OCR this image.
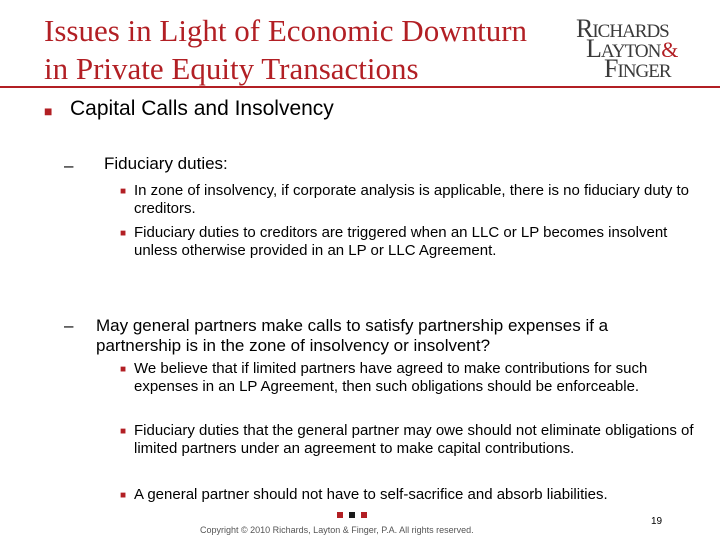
Issues in Light of Economic Downturn
in Private Equity Transactions
RICHARDS
LAYTON&
FINGER
■ Capital Calls and Insolvency
–	Fiduciary duties:
■ In zone of insolvency, if corporate analysis is applicable, there is no fiduciary duty to creditors.
■ Fiduciary duties to creditors are triggered when an LLC or LP becomes insolvent unless otherwise provided in an LP or LLC Agreement.
–	May general partners make calls to satisfy partnership expenses if a partnership is in the zone of insolvency or insolvent?
■ We believe that if limited partners have agreed to make contributions for such expenses in an LP Agreement, then such obligations should be enforceable.
■ Fiduciary duties that the general partner may owe should not eliminate obligations of limited partners under an agreement to make capital contributions.
■ A general partner should not have to self-sacrifice and absorb liabilities.
Copyright © 2010 Richards, Layton & Finger, P.A. All rights reserved.
19
